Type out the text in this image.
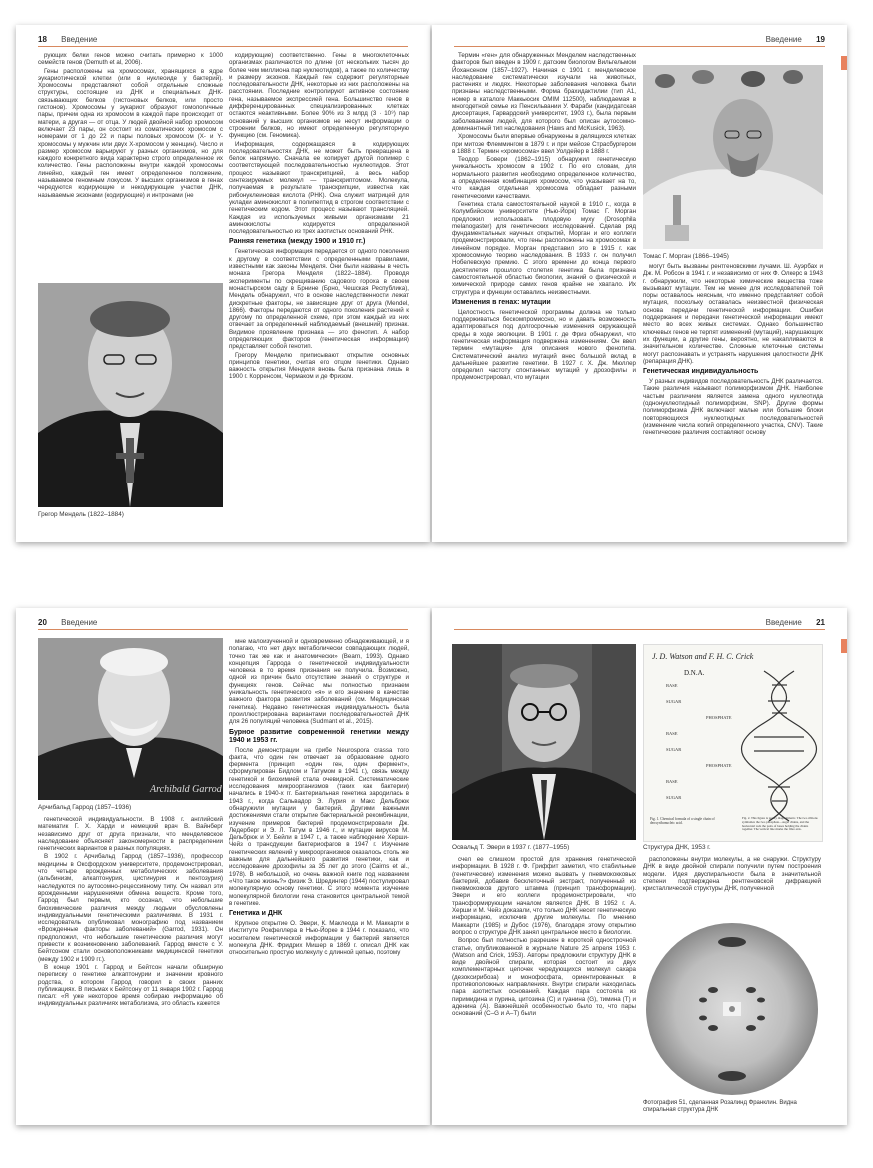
18 Введение

рующих белки генов можно считать примерно к 1000 семейств генов (Demuth et al, 2006).

Гены расположены на хромосомах, хранящихся в ядре эукариотической клетки (или в нуклеоиде у бактерий). Хромосомы представляют собой отдельные сложные структуры, состоящие из ДНК и специальных ДНК-связывающих белков (гистоновых белков, или просто гистонов). Хромосомы у эукариот образуют гомологичные пары, причем одна из хромосом в каждой паре происходит от матери, а другая — от отца. У людей двойной набор хромосом включает 23 пары, он состоит из соматических хромосом с номерами от 1 до 22 и пары половых хромосом (X- и Y-хромосомы у мужчин или двух X-хромосом у женщин). Число и размер хромосом варьируют у разных организмов, но для каждого конкретного вида характерно строго определенное их количество. Гены расположены внутри каждой хромосомы линейно, каждый ген имеет определенное положение, называемое геномным локусом. У высших организмов в генах чередуются кодирующие и некодирующие участки ДНК, называемые экзонами (кодирующие) и интронами (не

Грегор Мендель (1822–1884)

кодирующие) соответственно. Гены в многоклеточных организмах различаются по длине (от нескольких тысяч до более чем миллиона пар нуклеотидов), а также по количеству и размеру экзонов. Каждый ген содержит регуляторные последовательности ДНК, некоторые из них расположены на расстоянии. Последние контролируют активное состояние гена, называемое экспрессией гена. Большинство генов в дифференцированных специализированных клетках остаются неактивными. Более 90% из 3 млрд (3 · 10⁹) пар оснований у высших организмов не несут информации о строении белков, но имеют определенную регуляторную функцию (см. Геномика).

Информация, содержащаяся в кодирующих последовательностях ДНК, не может быть превращена в белок напрямую. Сначала ее копирует другой полимер с соответствующей последовательностью нуклеотидов. Этот процесс называют транскрипцией, а весь набор синтезируемых молекул — транскриптомом. Молекула, получаемая в результате транскрипции, известна как рибонуклеиновая кислота (РНК). Она служит матрицей для укладки аминокислот в полипептид в строгом соответствии с генетическим кодом. Этот процесс называют трансляцией. Каждая из используемых живыми организмами 21 аминокислоты кодируется определенной последовательностью из трех азотистых оснований РНК.

Ранняя генетика (между 1900 и 1910 гг.)

Генетическая информация передается от одного поколения к другому в соответствии с определенными правилами, известными как законы Менделя. Они были названы в честь монаха Грегора Менделя (1822–1884). Проводя эксперименты по скрещиванию садового гороха в своем монастырском саду в Брнине (Брно, Чешская Республика), Мендель обнаружил, что в основе наследственности лежат дискретные факторы, не зависящие друг от друга (Mendel, 1866). Факторы передаются от одного поколения растений к другому по определенной схеме, при этом каждый из них отвечает за определенный наблюдаемый (внешний) признак. Видимое проявление признака — это фенотип. А набор определяющих факторов (генетическая информация) представляет собой генотип.

Грегору Менделю приписывают открытие основных принципов генетики, считая его отцом генетики. Однако важность открытия Менделя вновь была признана лишь в 1900 г. Корренсом, Чермаком и де Фризом.

Введение 19

Термин «ген» для обнаруженных Менделем наследственных факторов был введен в 1909 г. датским биологом Вильгельмом Йохансеном (1857–1927). Начиная с 1901 г. менделевское наследование систематически изучали на животных, растениях и людях. Некоторые заболевания человека были признаны наследственными. Форма брахидактилии (тип A1, номер в каталоге Маккьюсик ОМIM 112500), наблюдаемая в многодетной семье из Пенсильвании У. Фараби (кандидатская диссертация, Гарвардский университет, 1903 г.), была первым заболеванием людей, для которого был описан аутосомно-доминантный тип наследования (Haws and McKusick, 1963).

Хромосомы были впервые обнаружены в делящихся клетках при митозе Флеммингом в 1879 г. и при мейозе Страсбургером в 1888 г. Термин «хромосома» ввел Уолдейер в 1888 г.

Теодор Бовери (1862–1915) обнаружил генетическую уникальность хромосом в 1902 г. По его словам, для нормального развития необходимо определенное количество, а определенная комбинация хромосом, что указывает на то, что каждая отдельная хромосома обладает разными генетическими качествами.

Генетика стала самостоятельной наукой в 1910 г., когда в Колумбийском университете (Нью-Йорк) Томас Г. Морган предложил использовать плодовую муху (Drosophila melanogaster) для генетических исследований. Сделав ряд фундаментальных научных открытий, Морган и его коллеги продемонстрировали, что гены расположены на хромосомах в линейном порядке. Морган представил это в 1915 г. как хромосомную теорию наследования. В 1933 г. он получил Нобелевскую премию. С этого времени до конца первого десятилетия прошлого столетия генетика была признана самостоятельной областью биологии, знаний о физической и химической природе самих генов крайне не хватало. Их структура и функции оставались неизвестными.

Изменения в генах: мутации

Целостность генетической программы должна не только поддерживаться бескомпромиссно, но и давать возможность адаптироваться под долгосрочные изменения окружающей среды в ходе эволюции. В 1901 г. де Фриз обнаружил, что генетическая информация подвержена изменениям. Он ввел термин «мутация» для описания нового фенотипа. Систематический анализ мутаций внес большой вклад в дальнейшее развитие генетики. В 1927 г. Х. Дж. Мюллер определил частоту спонтанных мутаций у дрозофилы и продемонстрировал, что мутации

Томас Г. Морган (1866–1945)

могут быть вызваны рентгеновскими лучами. Ш. Ауэрбах и Дж. М. Робсон в 1941 г. и независимо от них Ф. Олкерс в 1943 г. обнаружили, что некоторые химические вещества тоже вызывают мутации. Тем не менее для исследователей той поры оставалось неясным, что именно представляет собой мутация, поскольку оставалась неизвестной физическая основа передачи генетической информации. Ошибки поддержания и передачи генетической информации имеют место во всех живых системах. Однако большинство ключевых генов не терпят изменений (мутаций), нарушающих их функции, а другие гены, вероятно, не накапливаются в значительном количестве. Сложные клеточные системы могут распознавать и устранять нарушения целостности ДНК (репарация ДНК).

Генетическая индивидуальность

У разных индивидов последовательность ДНК различается. Такие различия называют полиморфизмом ДНК. Наиболее частым различием является замена одного нуклеотида (однонуклеотидный полиморфизм, SNP). Другие формы полиморфизма ДНК включают малые или большие блоки повторяющихся нуклеотидных последовательностей (изменение числа копий определенного участка, CNV). Такие генетические различия составляют основу

20 Введение
Archibald Garrod
Арчибальд Гаррод (1857–1936)

генетической индивидуальности. В 1908 г. английский математик Г. Х. Харди и немецкий врач В. Вайнберг независимо друг от друга признали, что менделевское наследование объясняет закономерности в распределении генетических вариантов в разных популяциях.

В 1902 г. Арчибальд Гаррод (1857–1936), профессор медицины в Оксфордском университете, продемонстрировал, что четыре врожденных метаболических заболевания (альбинизм, алкаптонурия, цистинурия и пентозурия) наследуются по аутосомно-рецессивному типу. Он назвал эти врожденными нарушениями обмена веществ. Кроме того, Гаррод был первым, кто осознал, что небольшие биохимические различия между людьми обусловлены индивидуальными генетическими различиями. В 1931 г. исследователь опубликовал монографию под названием «Врожденные факторы заболеваний» (Garrod, 1931). Он предположил, что небольшие генетические различия могут привести к возникновению заболеваний. Гаррод вместе с У. Бейтсоном стали основоположниками медицинской генетики (между 1902 и 1909 гг.).

В конце 1901 г. Гаррод и Бейтсон начали обширную переписку о генетике алкаптонурии и значении кровного родства, о котором Гаррод говорил в своих ранних публикациях. В письмах к Бейтсону от 11 января 1902 г. Гаррод писал: «Я уже некоторое время собираю информацию об индивидуальных различиях метаболизма, это область кажется

мне малоизученной и одновременно обнадеживающей, и я полагаю, что нет двух метаболически совпадающих людей, точно так же как и анатомически» (Bearn, 1993). Однако концепция Гаррода о генетической индивидуальности человека в то время признания не получила. Возможно, одной из причин было отсутствие знаний о структуре и функциях генов. Сейчас мы полностью признаем уникальность генетического «я» и его значение в качестве важного фактора развития заболеваний (см. Медицинская генетика). Недавно генетическая индивидуальность была проиллюстрирована вариантами последовательностей ДНК для 26 популяций человека (Sudmant et al., 2015).

Бурное развитие современной генетики между 1940 и 1953 гг.

После демонстрации на грибе Neurospora crassa того факта, что один ген отвечает за образование одного фермента (принцип «один ген, один фермент», сформулирован Бидлом и Татумом в 1941 г.), связь между генетикой и биохимией стала очевидной. Систематические исследования микроорганизмов (таких как бактерии) начались в 1940-х гг. Бактериальная генетика зародилась в 1943 г., когда Сальвадор Э. Лурия и Макс Дельбрюк обнаружили мутации у бактерий. Другими важными достижениями стали открытие бактериальной рекомбинации, изучение примеров бактерий продемонстрировали Дж. Ледерберг и Э. Л. Татум в 1946 г., и мутации вирусов М. Дельбрюк и У. Бейли в 1947 г., а также наблюдение Херши-Чейз о трансдукции бактериофагов в 1947 г. Изучение генетических явлений у микроорганизмов оказалось столь же важным для дальнейшего развития генетики, как и исследование дрозофилы за 35 лет до этого (Cairns et al., 1978). В небольшой, но очень важной книге под названием «Что такое жизнь?» физик Э. Шредингер (1944) постулировал молекулярную основу генетики. С этого момента изучение молекулярной биологии гена становится центральной темой в генетике.

Генетика и ДНК

Крупное открытие О. Эвери, К. Маклеода и М. Маккарти в Институте Рокфеллера в Нью-Йорке в 1944 г. показало, что носителем генетической информации у бактерий является молекула ДНК. Фридрих Мишер в 1869 г. описал ДНК как относительно простую молекулу с длинной цепью, поэтому

Введение 21
Освальд Т. Эвери в 1937 г. (1877–1955)

счел ее слишком простой для хранения генетической информации. В 1928 г. Ф. Гриффит заметил, что стабильные (генетические) изменения можно вызвать у пневмококковых бактерий, добавив бесклеточный экстракт, полученный из пневмококков другого штамма (принцип трансформации). Эвери и его коллеги продемонстрировали, что трансформирующим началом является ДНК. В 1952 г. А. Херши и М. Чейз доказали, что только ДНК несет генетическую информацию, исключив другие молекулы. По мнению Маккарти (1985) и Дубос (1976), благодаря этому открытию вопрос о структуре ДНК занял центральное место в биологии.

Вопрос был полностью разрешен в короткой однострочной статье, опубликованной в журнале Nature 25 апреля 1953 г. (Watson and Crick, 1953). Авторы предложили структуру ДНК в виде двойной спирали, которая состоит из двух комплементарных цепочек чередующихся молекул сахара (дезоксирибоза) и монофосфата, ориентированных в противоположных направлениях. Внутри спирали находилась пара азотистых оснований. Каждая пара состояла из пиримидина и пурина, цитозина (С) и гуанина (G), тимина (Т) и аденина (А). Важнейшей особенностью было то, что пары оснований (С–G и А–Т) были

J. D. Watson and F. H. C. Crick
D.N.A.
BASE
SUGAR
PHOSPHATE
BASE
SUGAR
PHOSPHATE
BASE
SUGAR
Fig. 1. Chemical formula of a single chain of deoxyribonucleic acid.
Fig. 2. This figure is purely diagrammatic. The two ribbons symbolize the two phosphate—sugar chains, and the horizontal rods the pairs of bases holding the chains together. The vertical line marks the fibre axis.
Структура ДНК, 1953 г.

расположены внутри молекулы, а не снаружи. Структуру ДНК в виде двойной спирали получили путем построения модели. Идея двуспиральности была в значительной степени подтверждена рентгеновской дифракцией кристаллической структуры ДНК, полученной

Фотография 51, сделанная Розалинд Франклин. Видна спиральная структура ДНК
